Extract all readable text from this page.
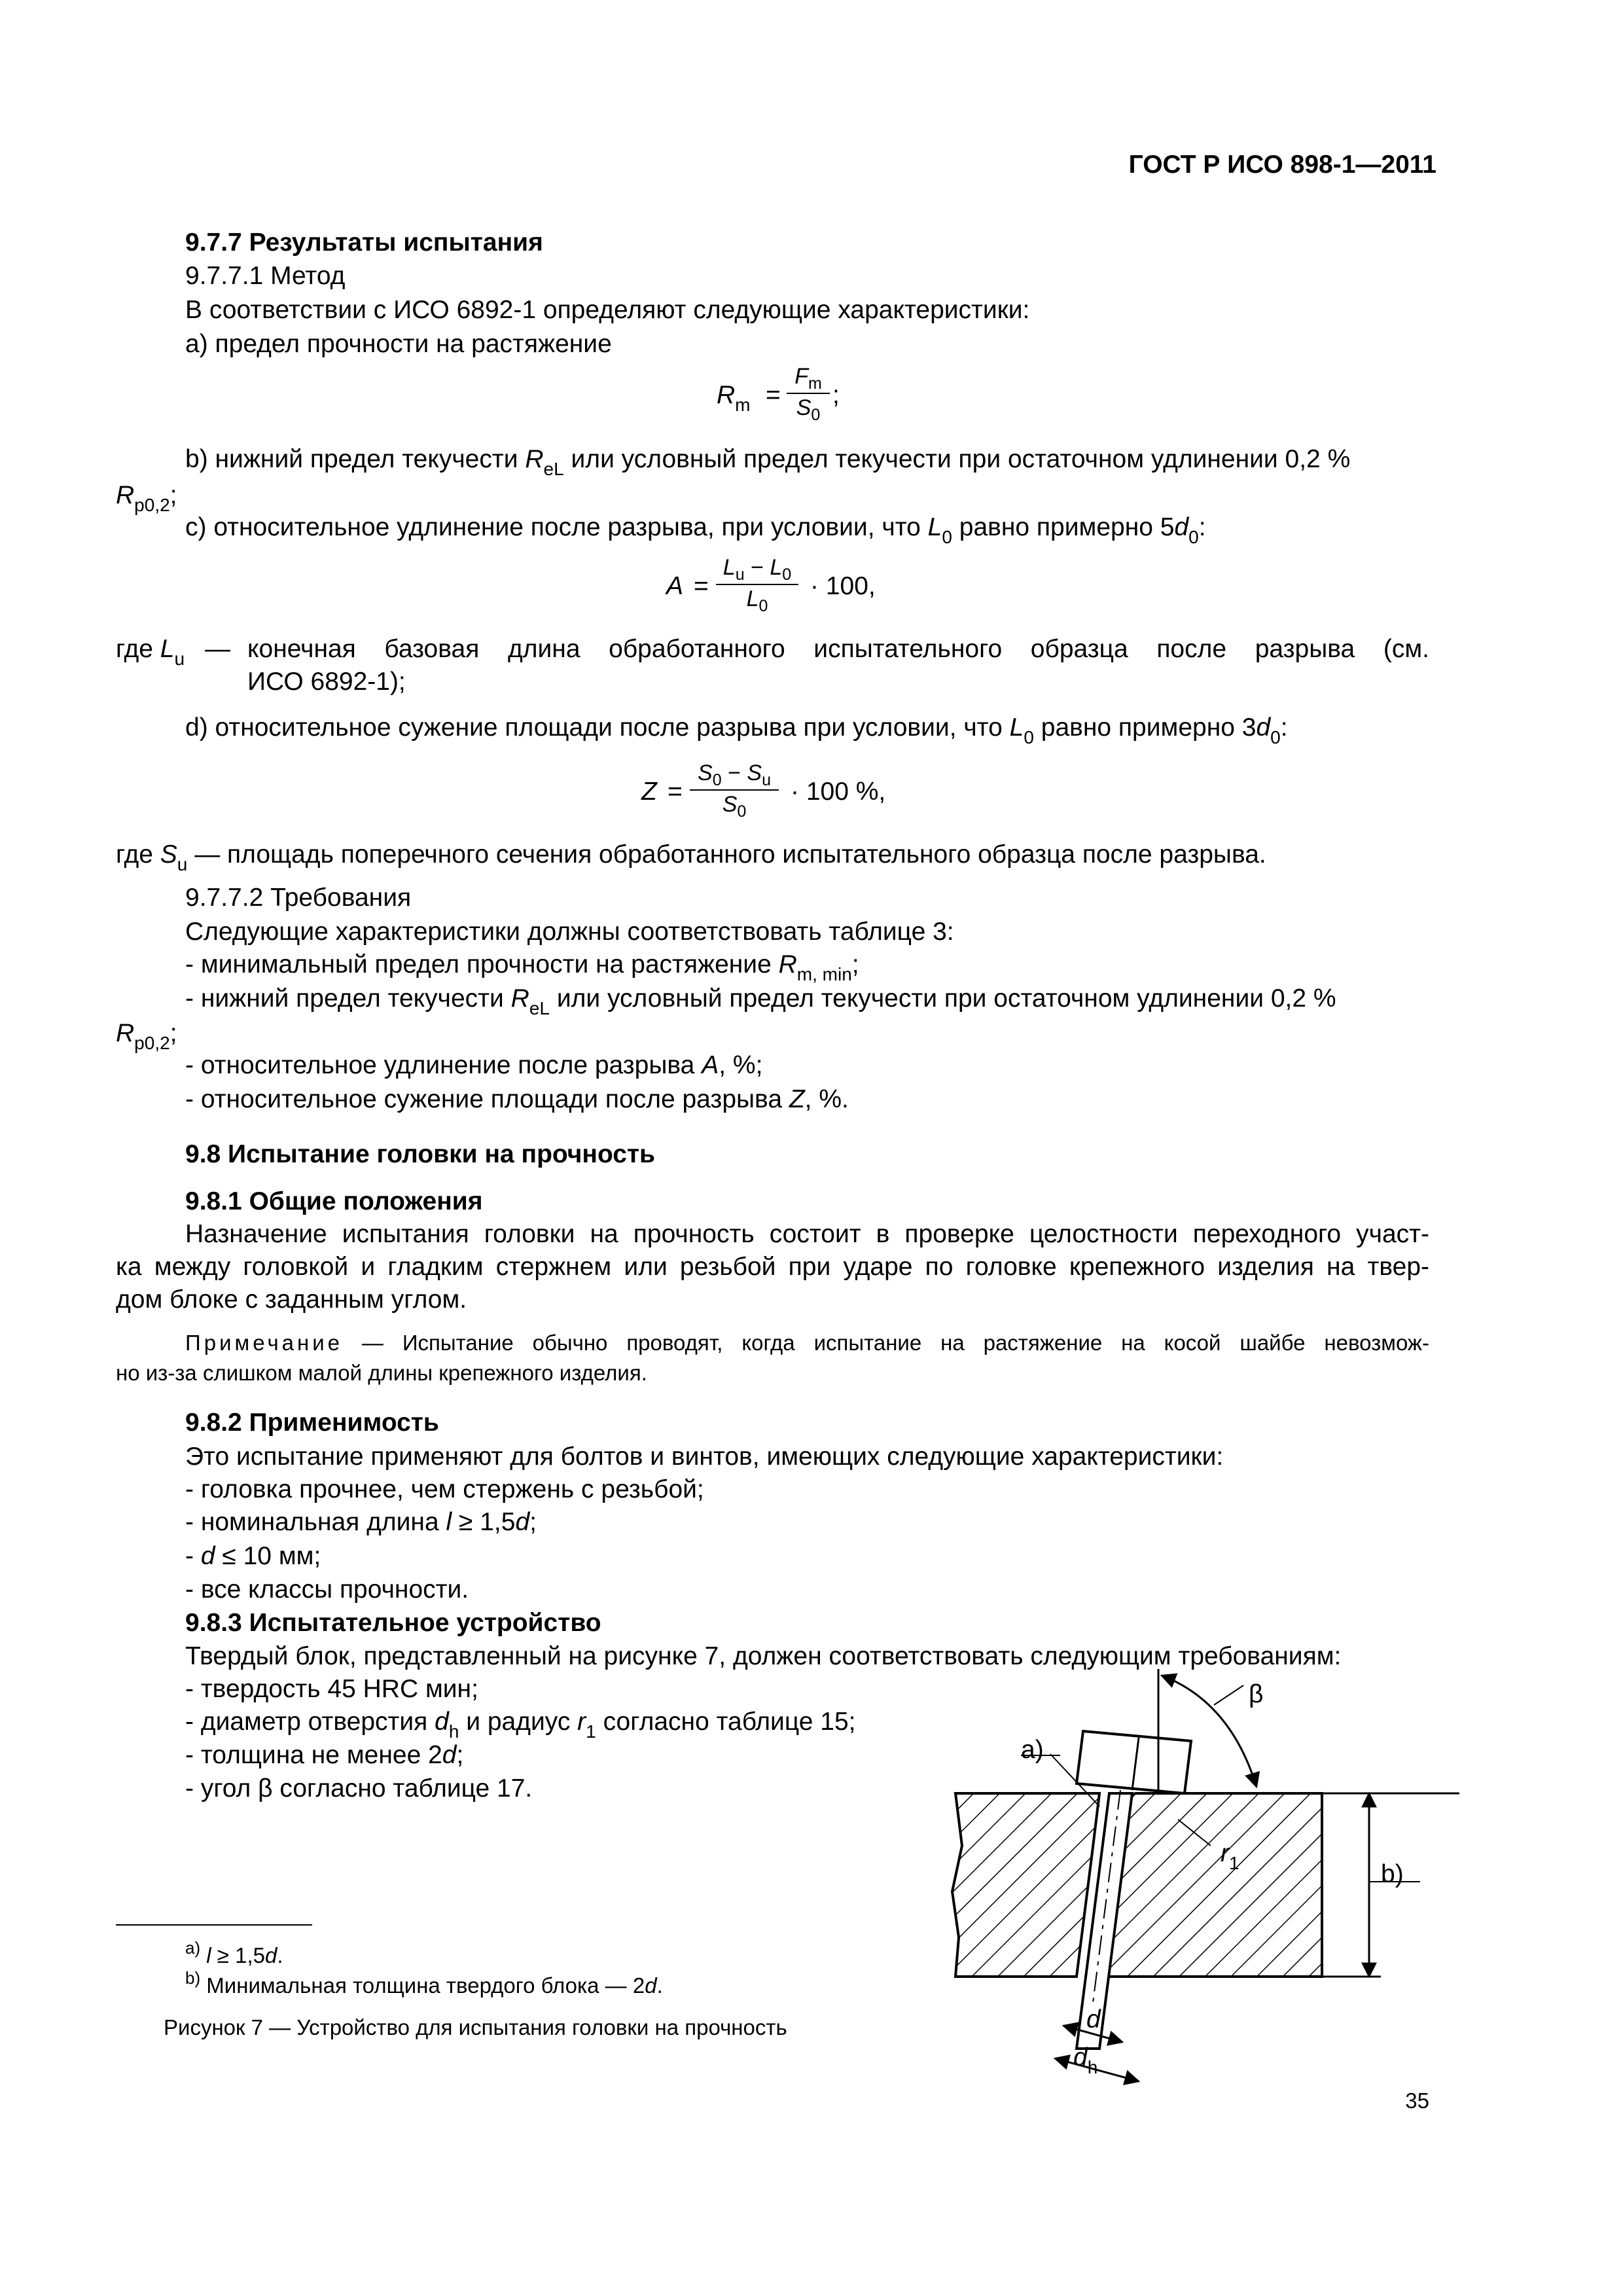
ГОСТ Р ИСО 898-1—2011
9.7.7 Результаты испытания
9.7.7.1 Метод
В соответствии с ИСО 6892-1 определяют следующие характеристики:
а) предел прочности на растяжение
$R_m$ =
$F_m$
$S_0$
;
b) нижний предел текучести $R_{eL}$ или условный предел текучести при остаточном удлинении 0,2 %
$R_{p0,2}$;
с) относительное удлинение после разрыва, при условии, что $L_0$ равно примерно $5d_0$:
A =
$L_u - L_0$
$L_0$
· 100,
где $L_u$ — конечная базовая длина обработанного испытательного образца после разрыва (см.
ИСО 6892-1);
d) относительное сужение площади после разрыва при условии, что $L_0$ равно примерно $3d_0$:
Z =
$S_0 - S_u$
$S_0$
· 100 %,
где $S_u$ — площадь поперечного сечения обработанного испытательного образца после разрыва.
9.7.7.2 Требования
Следующие характеристики должны соответствовать таблице 3:
- минимальный предел прочности на растяжение $R_{m, min}$;
- нижний предел текучести $R_{eL}$ или условный предел текучести при остаточном удлинении 0,2 %
$R_{p0,2}$;
- относительное удлинение после разрыва A, %;
- относительное сужение площади после разрыва Z, %.
9.8 Испытание головки на прочность
9.8.1 Общие положения
Назначение испытания головки на прочность состоит в проверке целостности переходного участ-
ка между головкой и гладким стержнем или резьбой при ударе по головке крепежного изделия на твер-
дом блоке с заданным углом.
Примечание — Испытание обычно проводят, когда испытание на растяжение на косой шайбе невозмож-
но из-за слишком малой длины крепежного изделия.
9.8.2 Применимость
Это испытание применяют для болтов и винтов, имеющих следующие характеристики:
- головка прочнее, чем стержень с резьбой;
- номинальная длина l ≥ 1,5d;
- d ≤ 10 мм;
- все классы прочности.
9.8.3 Испытательное устройство
Твердый блок, представленный на рисунке 7, должен соответствовать следующим требованиям:
- твердость 45 HRC мин;
- диаметр отверстия $d_h$ и радиус $r_1$ согласно таблице 15;
- толщина не менее 2d;
- угол β согласно таблице 17.
a)
β
b)
$r_1$
d
$d_h$
$^{a)}$ l ≥ 1,5d.
$^{b)}$ Минимальная толщина твердого блока — 2d.
Рисунок 7 — Устройство для испытания головки на прочность
35
